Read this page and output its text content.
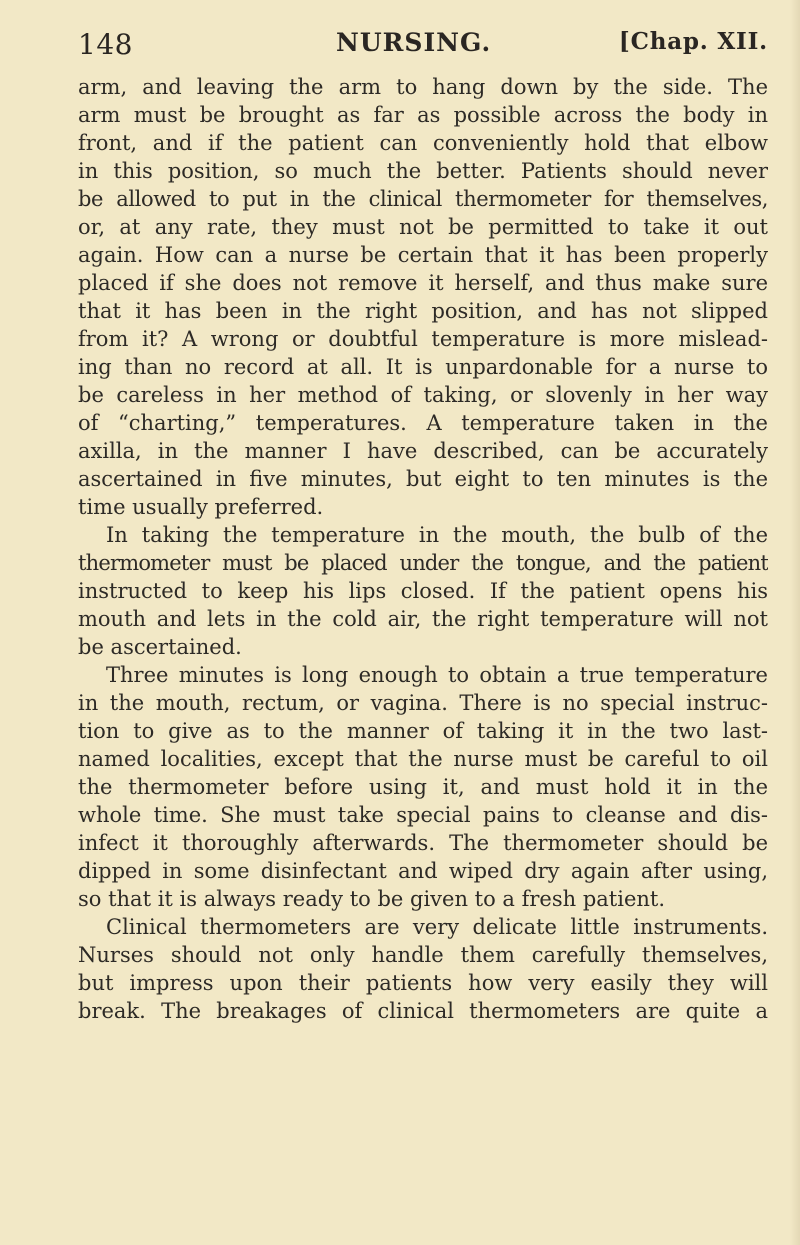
148	NURSING.	[Chap. XII.
arm, and leaving the arm to hang down by the side. The
arm must be brought as far as possible across the body in
front, and if the patient can conveniently hold that elbow
in this position, so much the better. Patients should never
be allowed to put in the clinical thermometer for themselves,
or, at any rate, they must not be permitted to take it out
again. How can a nurse be certain that it has been properly
placed if she does not remove it herself, and thus make sure
that it has been in the right position, and has not slipped
from it? A wrong or doubtful temperature is more mislead-
ing than no record at all. It is unpardonable for a nurse to
be careless in her method of taking, or slovenly in her way
of “charting,” temperatures. A temperature taken in the
axilla, in the manner I have described, can be accurately
ascertained in five minutes, but eight to ten minutes is the
time usually preferred.
In taking the temperature in the mouth, the bulb of the
thermometer must be placed under the tongue, and the patient
instructed to keep his lips closed. If the patient opens his
mouth and lets in the cold air, the right temperature will not
be ascertained.
Three minutes is long enough to obtain a true temperature
in the mouth, rectum, or vagina. There is no special instruc-
tion to give as to the manner of taking it in the two last-
named localities, except that the nurse must be careful to oil
the thermometer before using it, and must hold it in the
whole time. She must take special pains to cleanse and dis-
infect it thoroughly afterwards. The thermometer should be
dipped in some disinfectant and wiped dry again after using,
so that it is always ready to be given to a fresh patient.
Clinical thermometers are very delicate little instruments.
Nurses should not only handle them carefully themselves,
but impress upon their patients how very easily they will
break. The breakages of clinical thermometers are quite a
